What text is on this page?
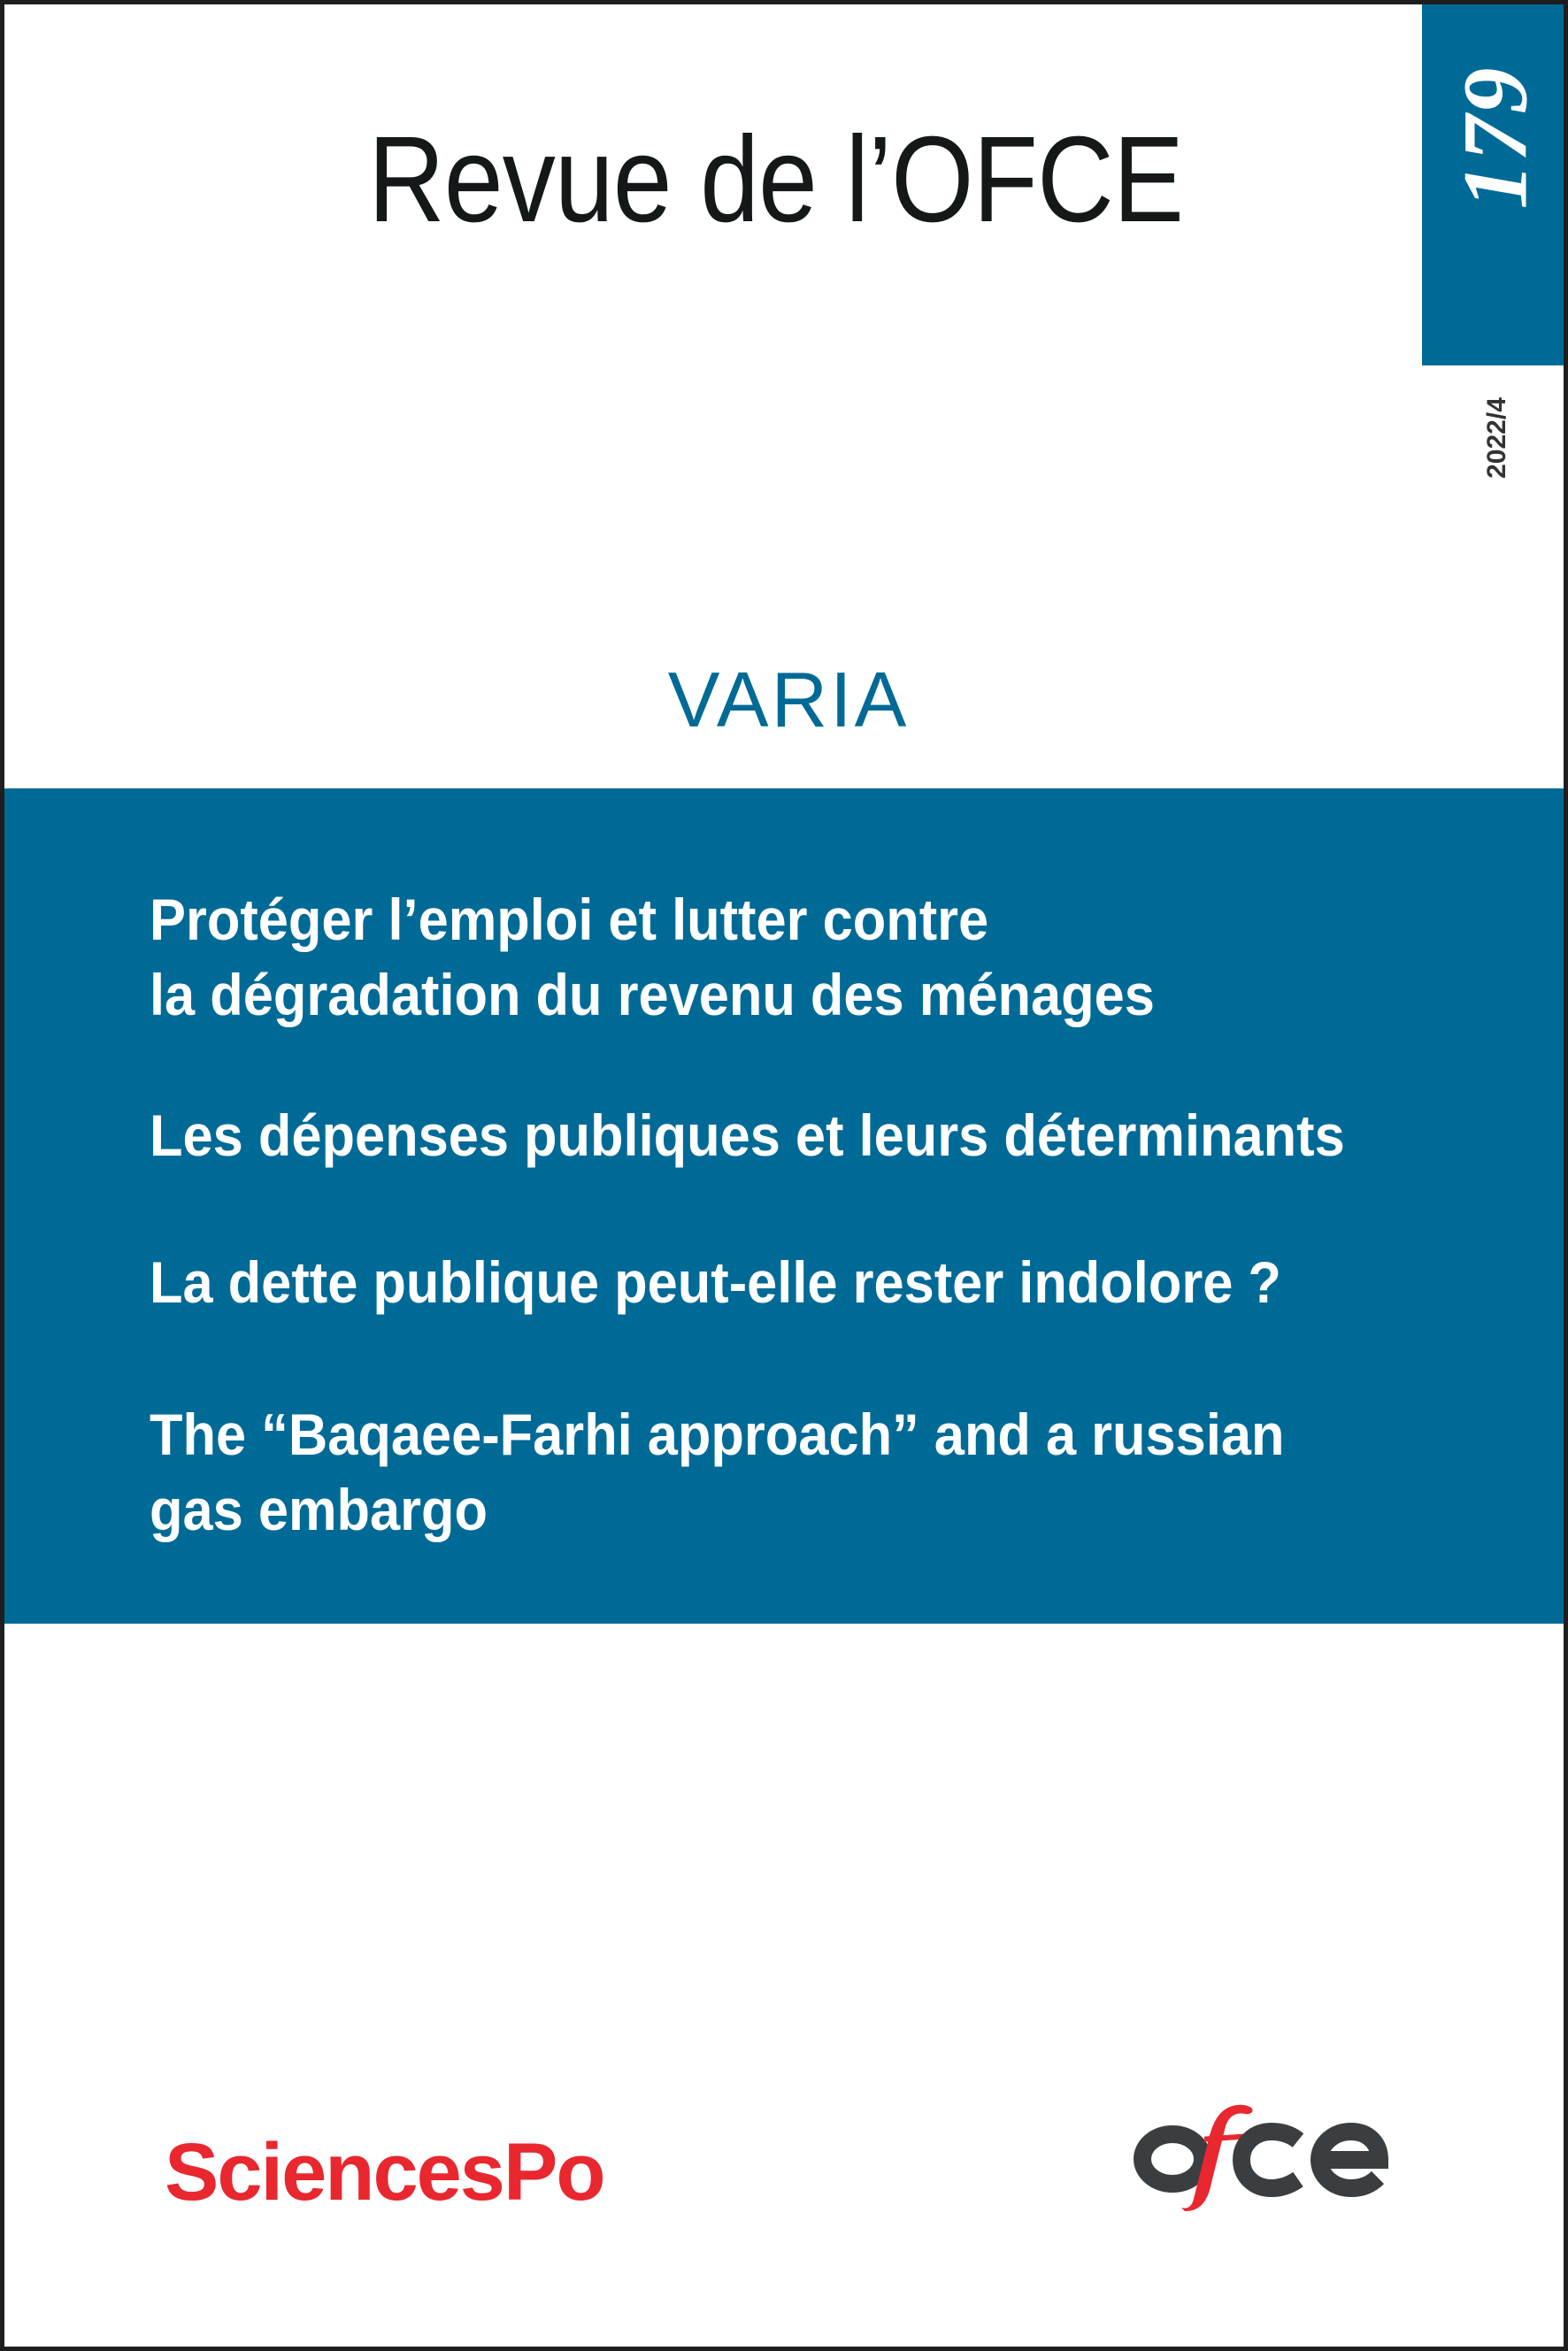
Revue de l’OFCE	179
2022/4
VARIA
Protéger l’emploi et lutter contre
la dégradation du revenu des ménages
Les dépenses publiques et leurs déterminants
La dette publique peut-elle rester indolore ?
The “Baqaee-Farhi approach” and a russian
gas embargo
SciencesPo
